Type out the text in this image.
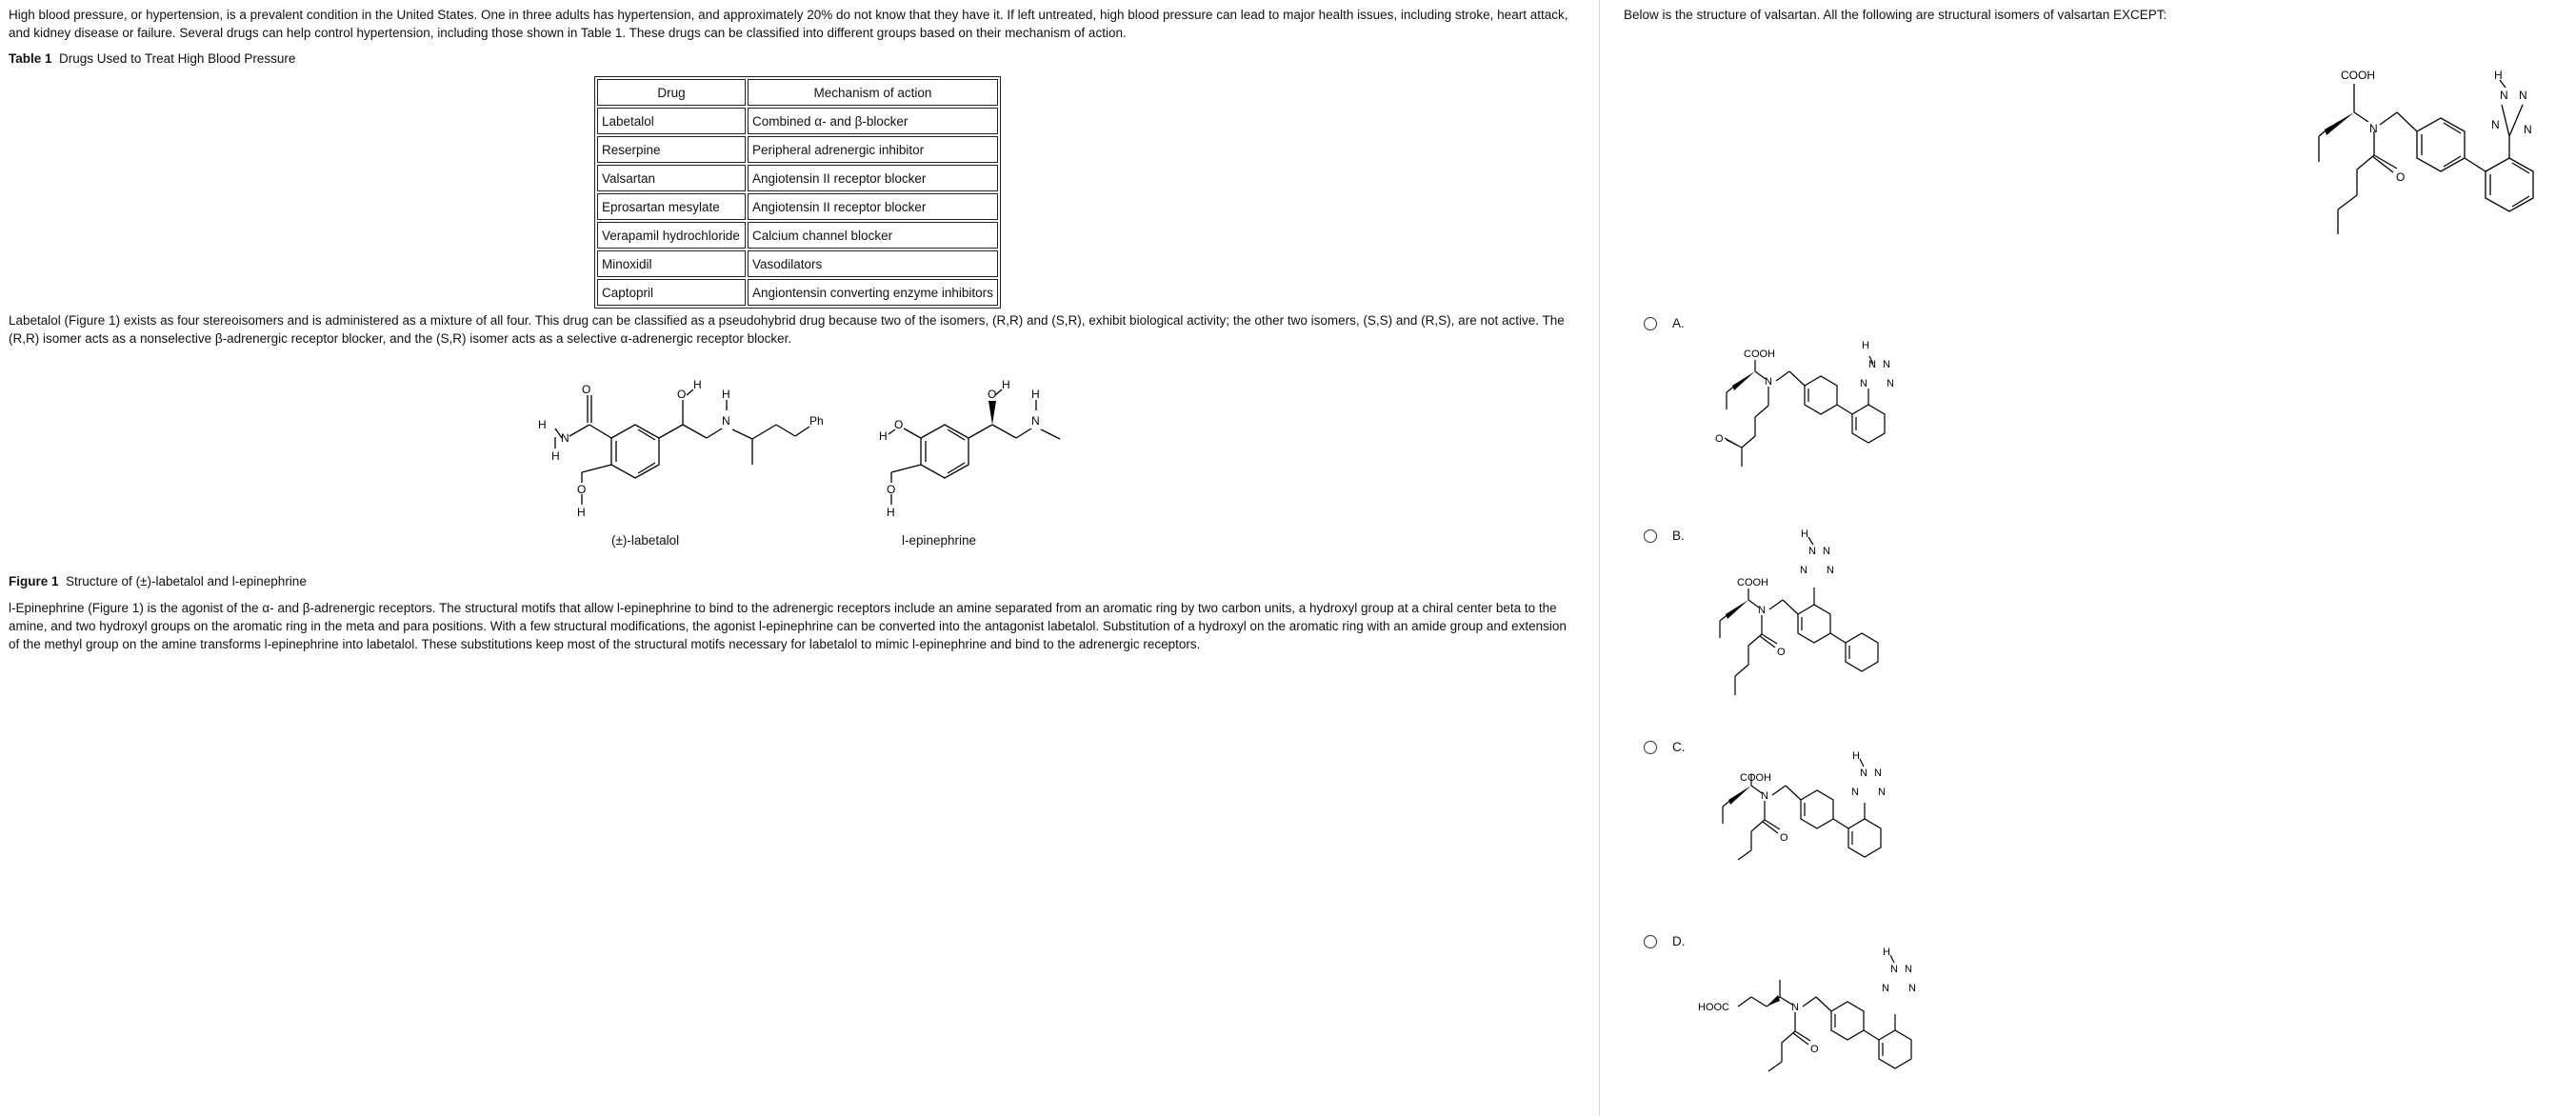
High blood pressure, or hypertension, is a prevalent condition in the United States. One in three adults has hypertension, and approximately 20% do not know that they have it. If left untreated, high blood pressure can lead to major health issues, including stroke, heart attack, and kidney disease or failure. Several drugs can help control hypertension, including those shown in Table 1. These drugs can be classified into different groups based on their mechanism of action.

Table 1 Drugs Used to Treat High Blood Pressure

Drug	Mechanism of action
Labetalol	Combined α- and β-blocker
Reserpine	Peripheral adrenergic inhibitor
Valsartan	Angiotensin II receptor blocker
Eprosartan mesylate	Angiotensin II receptor blocker
Verapamil hydrochloride	Calcium channel blocker
Minoxidil	Vasodilators
Captopril	Angiontensin converting enzyme inhibitors

Labetalol (Figure 1) exists as four stereoisomers and is administered as a mixture of all four. This drug can be classified as a pseudohybrid drug because two of the isomers, (R,R) and (S,R), exhibit biological activity; the other two isomers, (S,S) and (R,S), are not active. The (R,R) isomer acts as a nonselective β-adrenergic receptor blocker, and the (S,R) isomer acts as a selective α-adrenergic receptor blocker.

O
N
H
H
O
H
O
H
H
N	Ph
O
H
O
H
O
H
H
N
(±)-labetalol	l-epinephrine

Figure 1 Structure of (±)-labetalol and l-epinephrine

l-Epinephrine (Figure 1) is the agonist of the α- and β-adrenergic receptors. The structural motifs that allow l-epinephrine to bind to the adrenergic receptors include an amine separated from an aromatic ring by two carbon units, a hydroxyl group at a chiral center beta to the amine, and two hydroxyl groups on the aromatic ring in the meta and para positions. With a few structural modifications, the agonist l-epinephrine can be converted into the antagonist labetalol. Substitution of a hydroxyl on the aromatic ring with an amide group and extension of the methyl group on the amine transforms l-epinephrine into labetalol. These substitutions keep most of the structural motifs necessary for labetalol to mimic l-epinephrine and bind to the adrenergic receptors.

Below is the structure of valsartan. All the following are structural isomers of valsartan EXCEPT:

COOH
N
O
H
N N
N N
A.
COOH
N
O
H
N N
N N
B.
COOH
N
O
H
N N
N N
C.
COOH
N
O
H
N N
N N
D.
HOOC	N
O
H
N N
N N
